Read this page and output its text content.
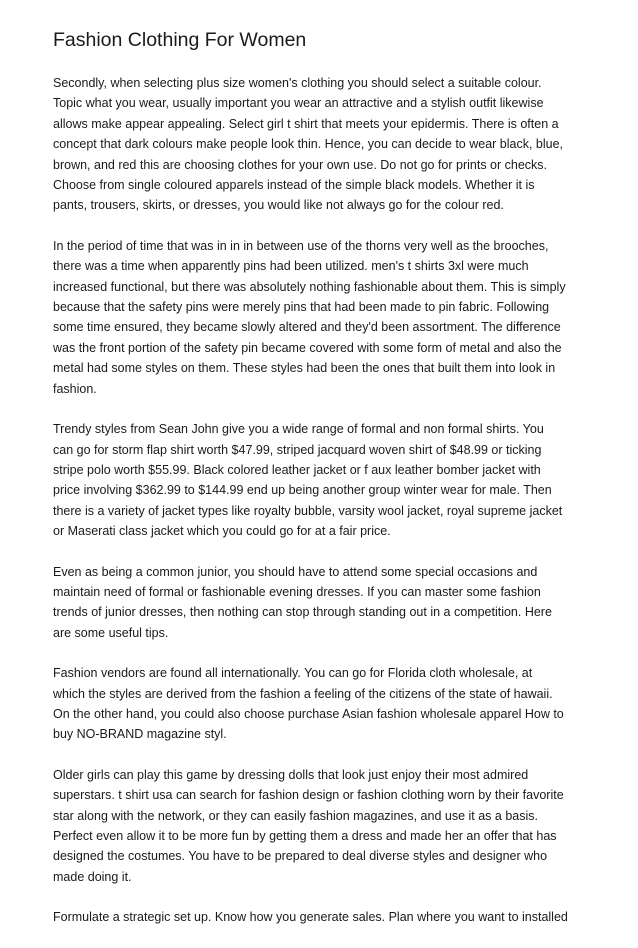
Fashion Clothing For Women

Secondly, when selecting plus size women's clothing you should select a suitable colour.
Topic what you wear, usually important you wear an attractive and a stylish outfit likewise
allows make appear appealing. Select girl t shirt that meets your epidermis. There is often a
concept that dark colours make people look thin. Hence, you can decide to wear black, blue,
brown, and red this are choosing clothes for your own use. Do not go for prints or checks.
Choose from single coloured apparels instead of the simple black models. Whether it is
pants, trousers, skirts, or dresses, you would like not always go for the colour red.

In the period of time that was in in in between use of the thorns very well as the brooches,
there was a time when apparently pins had been utilized. men's t shirts 3xl were much
increased functional, but there was absolutely nothing fashionable about them. This is simply
because that the safety pins were merely pins that had been made to pin fabric. Following
some time ensured, they became slowly altered and they'd been assortment. The difference
was the front portion of the safety pin became covered with some form of metal and also the
metal had some styles on them. These styles had been the ones that built them into look in
fashion.

Trendy styles from Sean John give you a wide range of formal and non formal shirts. You
can go for storm flap shirt worth $47.99, striped jacquard woven shirt of $48.99 or ticking
stripe polo worth $55.99. Black colored leather jacket or f aux leather bomber jacket with
price involving $362.99 to $144.99 end up being another group winter wear for male. Then
there is a variety of jacket types like royalty bubble, varsity wool jacket, royal supreme jacket
or Maserati class jacket which you could go for at a fair price.

Even as being a common junior, you should have to attend some special occasions and
maintain need of formal or fashionable evening dresses. If you can master some fashion
trends of junior dresses, then nothing can stop through standing out in a competition. Here
are some useful tips.

Fashion vendors are found all internationally. You can go for Florida cloth wholesale, at
which the styles are derived from the fashion a feeling of the citizens of the state of hawaii.
On the other hand, you could also choose purchase Asian fashion wholesale apparel How to
buy NO-BRAND magazine styl.

Older girls can play this game by dressing dolls that look just enjoy their most admired
superstars. t shirt usa can search for fashion design or fashion clothing worn by their favorite
star along with the network, or they can easily fashion magazines, and use it as a basis.
Perfect even allow it to be more fun by getting them a dress and made her an offer that has
designed the costumes. You have to be prepared to deal diverse styles and designer who
made doing it.

Formulate a strategic set up. Know how you generate sales. Plan where you want to installed
